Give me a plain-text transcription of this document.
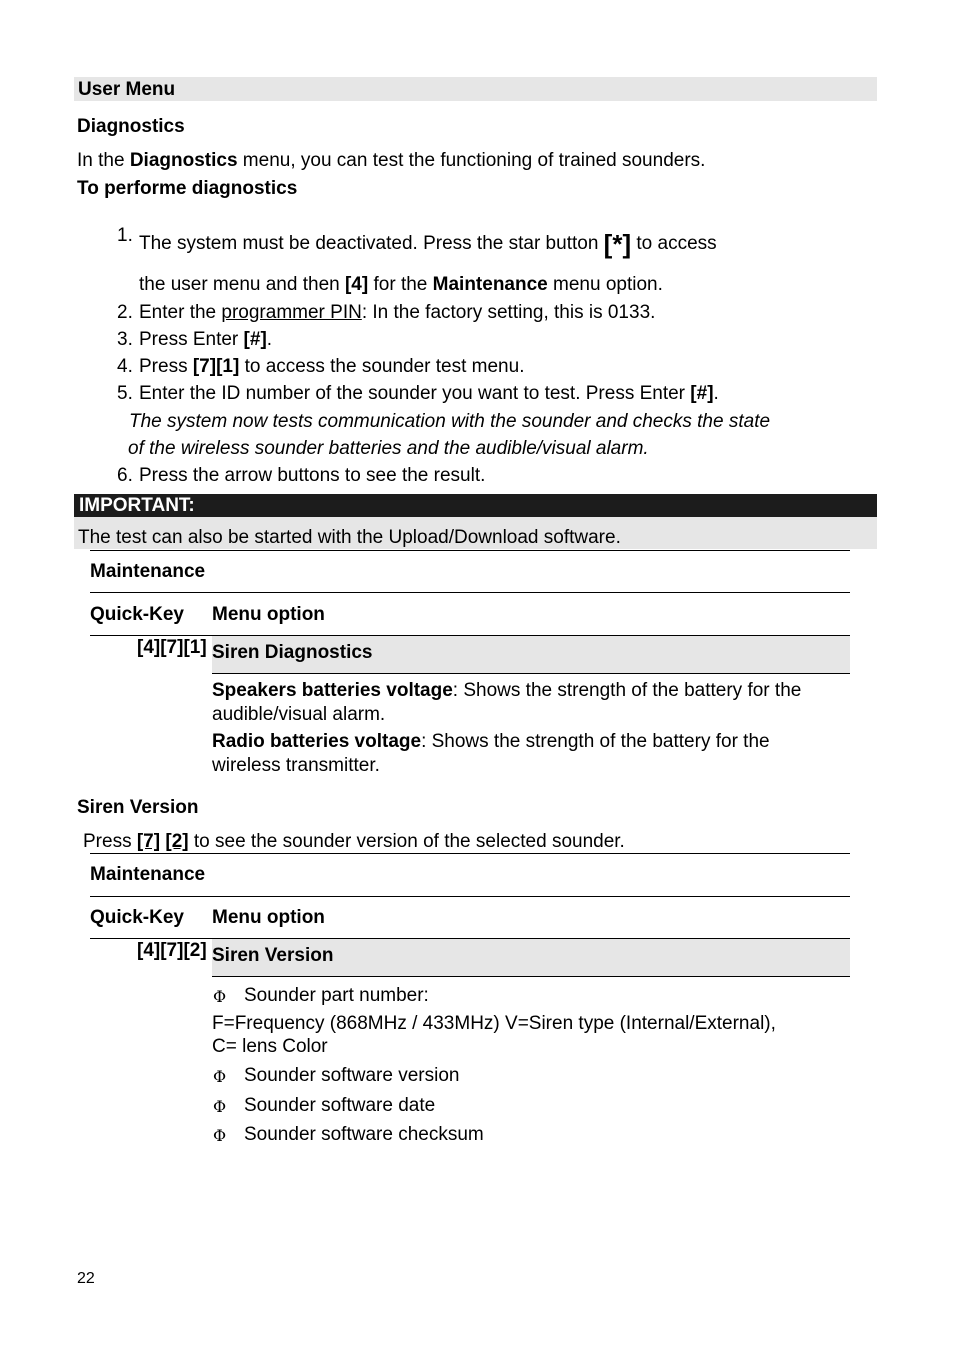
User Menu
Diagnostics
In the Diagnostics menu, you can test the functioning of trained sounders.
To performe diagnostics
1. The system must be deactivated. Press the star button [*] to access
the user menu and then [4] for the Maintenance menu option.
2. Enter the programmer PIN: In the factory setting, this is 0133.
3. Press Enter [#].
4. Press [7][1] to access the sounder test menu.
5. Enter the ID number of the sounder you want to test. Press Enter [#].
The system now tests communication with the sounder and checks the state
of the wireless sounder batteries and the audible/visual alarm.
6. Press the arrow buttons to see the result.
IMPORTANT:
The test can also be started with the Upload/Download software.
Maintenance
Quick-Key Menu option
[4][7][1] Siren Diagnostics
Speakers batteries voltage: Shows the strength of the battery for the
audible/visual alarm.
Radio batteries voltage: Shows the strength of the battery for the
wireless transmitter.
Siren Version
Press [7] [2] to see the sounder version of the selected sounder.
Maintenance
Quick-Key Menu option
[4][7][2] Siren Version
Φ Sounder part number:
F=Frequency (868MHz / 433MHz) V=Siren type (Internal/External),
C= lens Color
Φ Sounder software version
Φ Sounder software date
Φ Sounder software checksum
22
